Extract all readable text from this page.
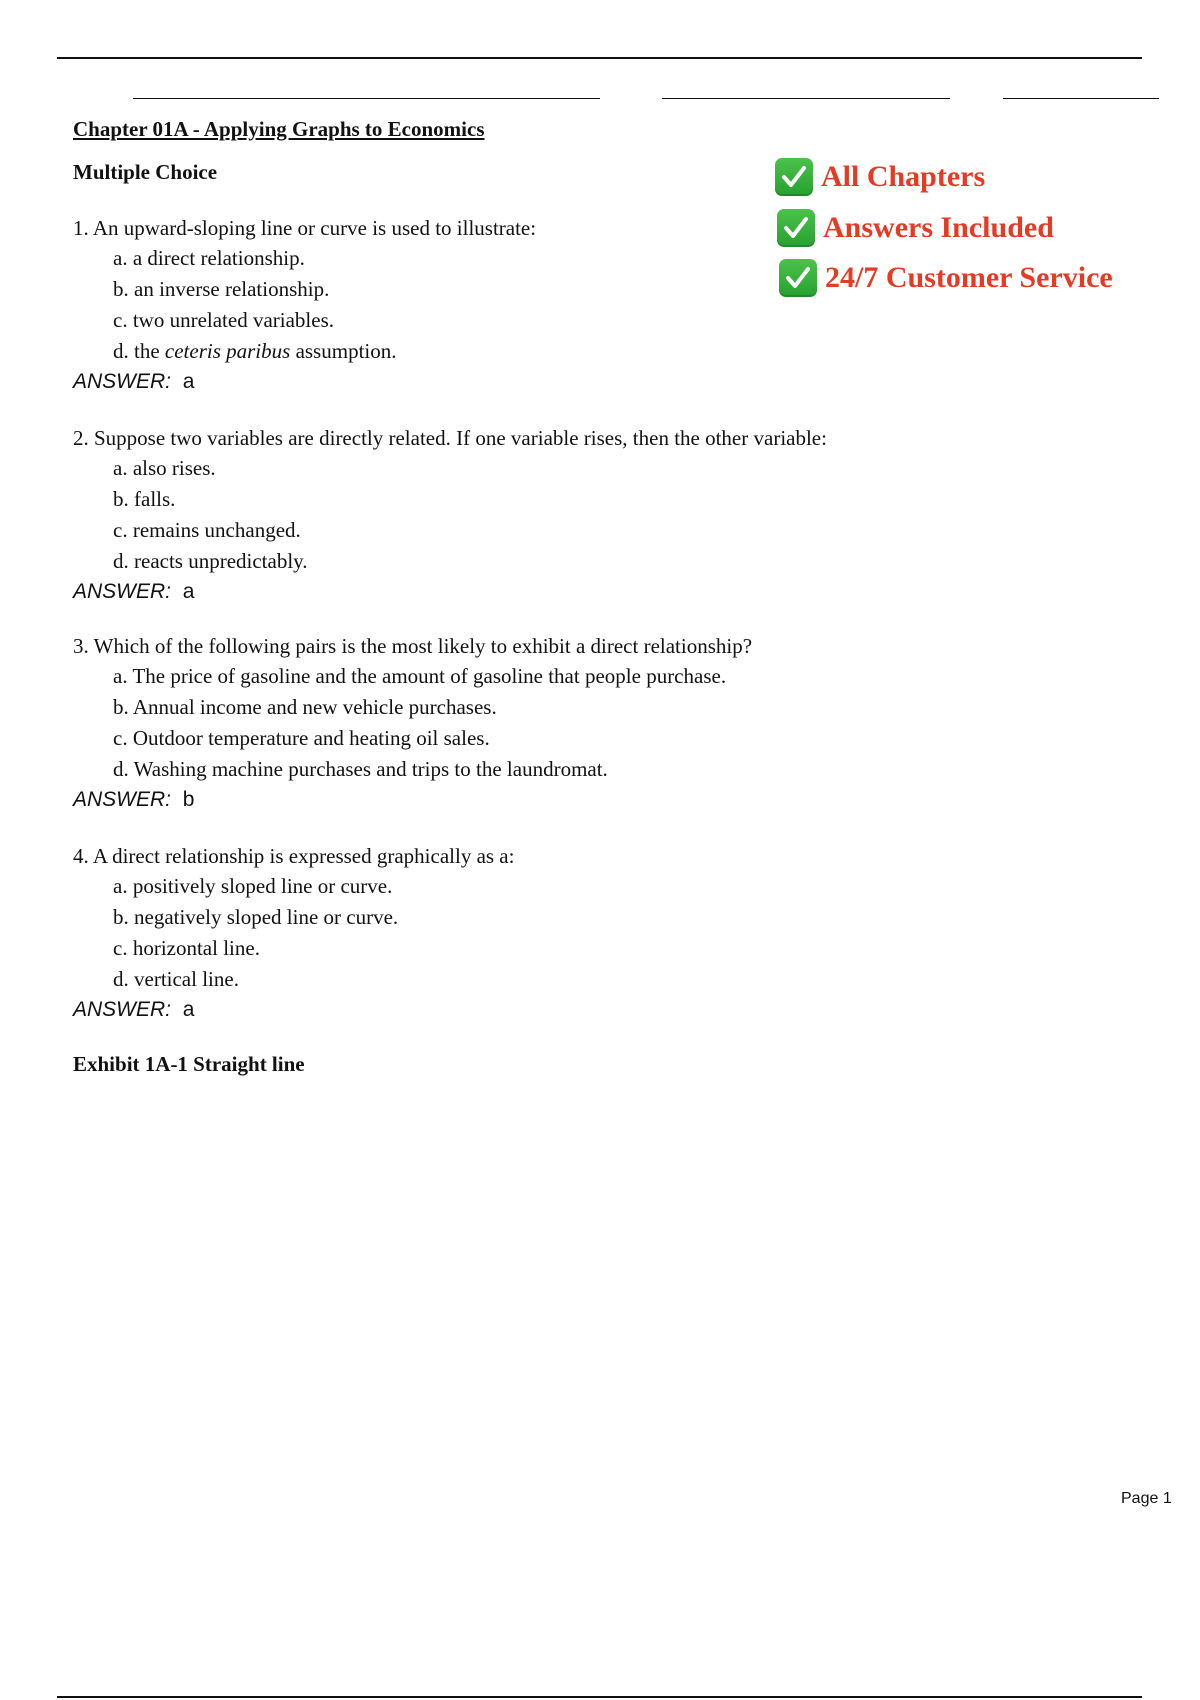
Chapter 01A - Applying Graphs to Economics
Multiple Choice	All Chapters
Answers Included
24/7 Customer Service
1. An upward-sloping line or curve is used to illustrate:
a. a direct relationship.
b. an inverse relationship.
c. two unrelated variables.
d. the ceteris paribus assumption.
ANSWER: a
2. Suppose two variables are directly related. If one variable rises, then the other variable:
a. also rises.
b. falls.
c. remains unchanged.
d. reacts unpredictably.
ANSWER: a
3. Which of the following pairs is the most likely to exhibit a direct relationship?
a. The price of gasoline and the amount of gasoline that people purchase.
b. Annual income and new vehicle purchases.
c. Outdoor temperature and heating oil sales.
d. Washing machine purchases and trips to the laundromat.
ANSWER: b
4. A direct relationship is expressed graphically as a:
a. positively sloped line or curve.
b. negatively sloped line or curve.
c. horizontal line.
d. vertical line.
ANSWER: a
Exhibit 1A-1 Straight line
Page 1
